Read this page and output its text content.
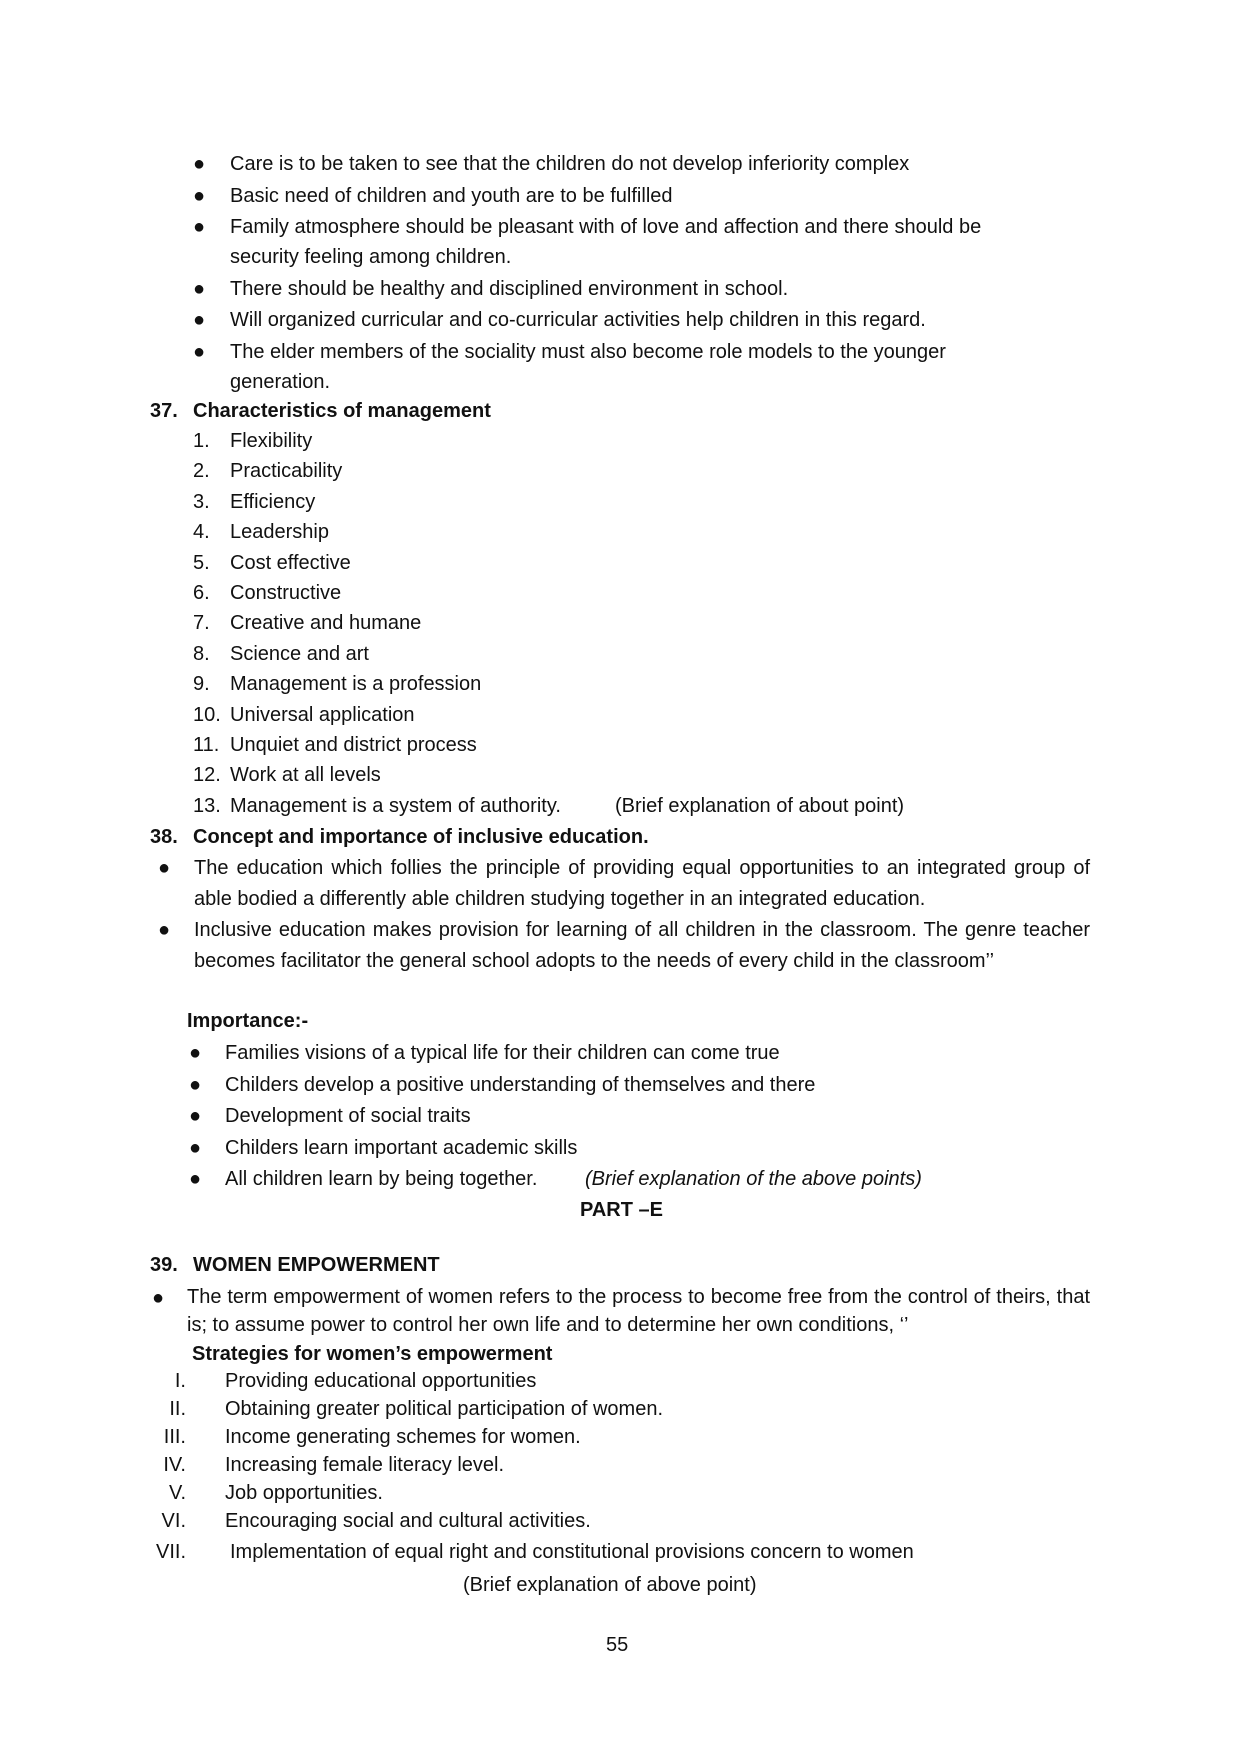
● Care is to be taken to see that the children do not develop inferiority complex
● Basic need of children and youth are to be fulfilled
● Family atmosphere should be pleasant with of love and affection and there should be
security feeling among children.
● There should be healthy and disciplined environment in school.
● Will organized curricular and co-curricular activities help children in this regard.
● The elder members of the sociality must also become role models to the younger
generation.
37. Characteristics of management
1. Flexibility
2. Practicability
3. Efficiency
4. Leadership
5. Cost effective
6. Constructive
7. Creative and humane
8. Science and art
9. Management is a profession
10. Universal application
11. Unquiet and district process
12. Work at all levels
13. Management is a system of authority.	(Brief explanation of about point)
38. Concept and importance of inclusive education.
● The education which follies the principle of providing equal opportunities to an integrated group of able bodied a differently able children studying together in an integrated education.
● Inclusive education makes provision for learning of all children in the classroom. The genre teacher becomes facilitator the general school adopts to the needs of every child in the classroom’’
Importance:-
● Families visions of a typical life for their children can come true
● Childers develop a positive understanding of themselves and there
● Development of social traits
● Childers learn important academic skills
● All children learn by being together. (Brief explanation of the above points)
PART –E
39. WOMEN EMPOWERMENT
● The term empowerment of women refers to the process to become free from the control of theirs, that is; to assume power to control her own life and to determine her own conditions, ‘’
Strategies for women’s empowerment
I. Providing educational opportunities
II. Obtaining greater political participation of women.
III. Income generating schemes for women.
IV. Increasing female literacy level.
V. Job opportunities.
VI. Encouraging social and cultural activities.
VII. Implementation of equal right and constitutional provisions concern to women
(Brief explanation of above point)
55
